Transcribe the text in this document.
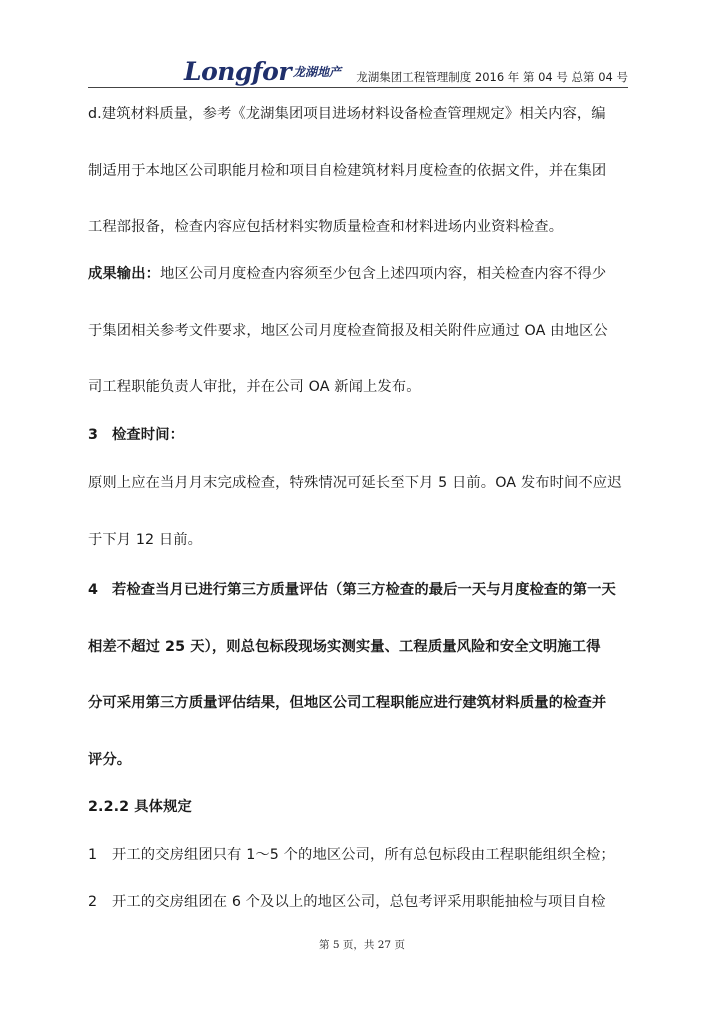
Longfor 龙湖地产 龙湖集团工程管理制度 2016 年 第 04 号 总第 04 号
d.建筑材料质量，参考《龙湖集团项目进场材料设备检查管理规定》相关内容，编
制适用于本地区公司职能月检和项目自检建筑材料月度检查的依据文件，并在集团
工程部报备，检查内容应包括材料实物质量检查和材料进场内业资料检查。
成果输出：地区公司月度检查内容须至少包含上述四项内容，相关检查内容不得少
于集团相关参考文件要求，地区公司月度检查简报及相关附件应通过 OA 由地区公
司工程职能负责人审批，并在公司 OA 新闻上发布。
3 检查时间：
原则上应在当月月末完成检查，特殊情况可延长至下月 5 日前。OA 发布时间不应迟
于下月 12 日前。
4 若检查当月已进行第三方质量评估（第三方检查的最后一天与月度检查的第一天
相差不超过 25 天），则总包标段现场实测实量、工程质量风险和安全文明施工得
分可采用第三方质量评估结果，但地区公司工程职能应进行建筑材料质量的检查并
评分。
2.2.2 具体规定
1 开工的交房组团只有 1～5 个的地区公司，所有总包标段由工程职能组织全检；
2 开工的交房组团在 6 个及以上的地区公司，总包考评采用职能抽检与项目自检
第 5 页，共 27 页
